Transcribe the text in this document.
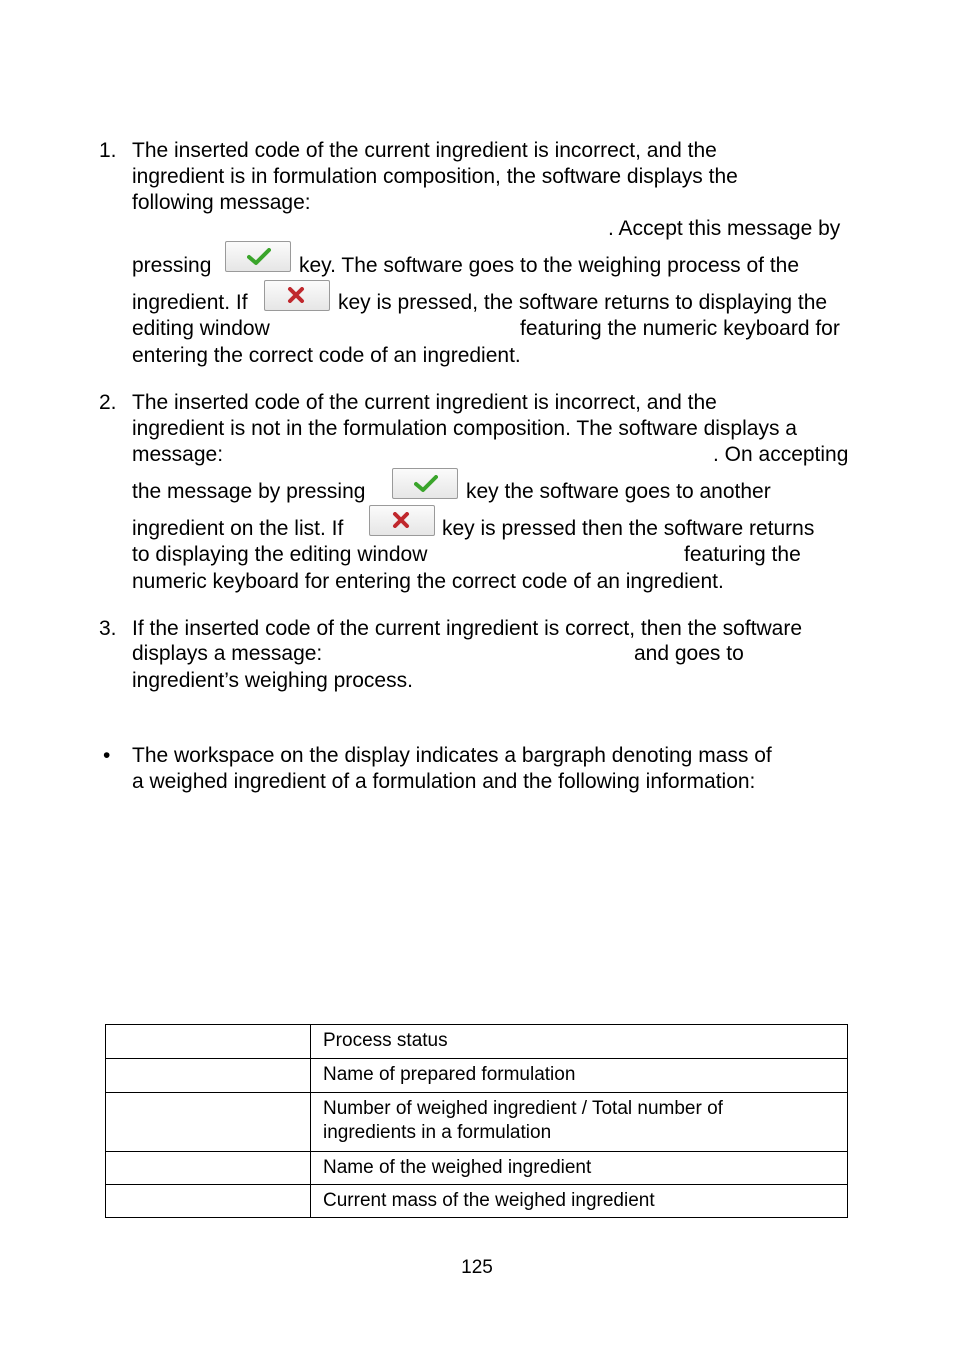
1. The inserted code of the current ingredient is incorrect, and the
ingredient is in formulation composition, the software displays the
following message:
. Accept this message by
pressing	key. The software goes to the weighing process of the
ingredient. If	key is pressed, the software returns to displaying the
editing window	featuring the numeric keyboard for
entering the correct code of an ingredient.
2. The inserted code of the current ingredient is incorrect, and the
ingredient is not in the formulation composition. The software displays a
message:	. On accepting
the message by pressing	key the software goes to another
ingredient on the list. If	key is pressed then the software returns
to displaying the editing window	featuring the
numeric keyboard for entering the correct code of an ingredient.
3. If the inserted code of the current ingredient is correct, then the software
displays a message:	and goes to
ingredient’s weighing process.
• The workspace on the display indicates a bargraph denoting mass of
a weighed ingredient of a formulation and the following information:
	Process status
	Name of prepared formulation
	Number of weighed ingredient / Total number of ingredients in a formulation
	Name of the weighed ingredient
	Current mass of the weighed ingredient
125
